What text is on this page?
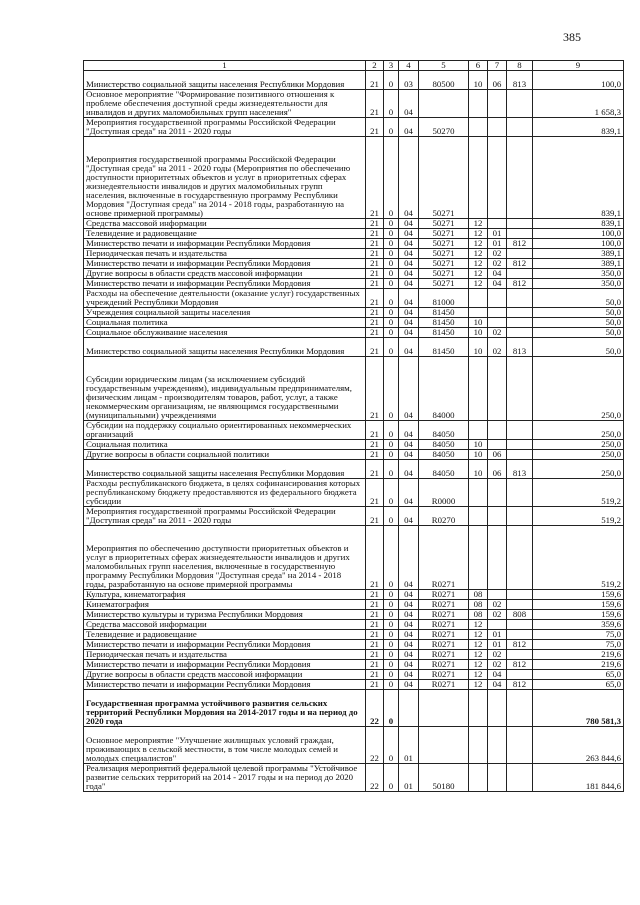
385
1	2	3	4	5	6	7	8	9
Министерство социальной защиты населения Республики Мордовия	21	0	03	80500	10	06	813	100,0
Основное мероприятие "Формирование позитивного отношения к проблеме обеспечения доступной среды жизнедеятельности для инвалидов и других маломобильных групп населения"	21	0	04					1 658,3
Мероприятия государственной программы Российской Федерации "Доступная среда" на 2011 - 2020 годы	21	0	04	50270				839,1
Мероприятия государственной программы Российской Федерации "Доступная среда" на 2011 - 2020 годы (Мероприятия по обеспечению доступности приоритетных объектов и услуг в приоритетных сферах жизнедеятельности инвалидов и других маломобильных групп населения, включенные в государственную программу Республики Мордовия "Доступная среда" на 2014 - 2018 годы, разработанную на основе примерной программы)	21	0	04	50271				839,1
Средства массовой информации	21	0	04	50271	12			839,1
Телевидение и радиовещание	21	0	04	50271	12	01		100,0
Министерство печати и информации Республики Мордовия	21	0	04	50271	12	01	812	100,0
Периодическая печать и издательства	21	0	04	50271	12	02		389,1
Министерство печати и информации Республики Мордовия	21	0	04	50271	12	02	812	389,1
Другие вопросы в области средств массовой информации	21	0	04	50271	12	04		350,0
Министерство печати и информации Республики Мордовия	21	0	04	50271	12	04	812	350,0
Расходы на обеспечение деятельности (оказание услуг) государственных учреждений Республики Мордовия	21	0	04	81000				50,0
Учреждения социальной защиты населения	21	0	04	81450				50,0
Социальная политика	21	0	04	81450	10			50,0
Социальное обслуживание населения	21	0	04	81450	10	02		50,0
Министерство социальной защиты населения Республики Мордовия	21	0	04	81450	10	02	813	50,0
Субсидии юридическим лицам (за исключением субсидий государственным учреждениям), индивидуальным предпринимателям, физическим лицам - производителям товаров, работ, услуг, а также некоммерческим организациям, не являющимся государственными (муниципальными) учреждениями	21	0	04	84000				250,0
Субсидии на поддержку социально ориентированных некоммерческих организаций	21	0	04	84050				250,0
Социальная политика	21	0	04	84050	10			250,0
Другие вопросы в области социальной политики	21	0	04	84050	10	06		250,0
Министерство социальной защиты населения Республики Мордовия	21	0	04	84050	10	06	813	250,0
Расходы республиканского бюджета, в целях софинансирования которых республиканскому бюджету предоставляются из федерального бюджета субсидии	21	0	04	R0000				519,2
Мероприятия государственной программы Российской Федерации "Доступная среда" на 2011 - 2020 годы	21	0	04	R0270				519,2
Мероприятия по обеспечению доступности приоритетных объектов и услуг в приоритетных сферах жизнедеятельности инвалидов и других маломобильных групп населения, включенные в государственную программу Республики Мордовия "Доступная среда" на 2014 - 2018 годы, разработанную на основе примерной программы	21	0	04	R0271				519,2
Культура, кинематография	21	0	04	R0271	08			159,6
Кинематография	21	0	04	R0271	08	02		159,6
Министерство культуры и туризма Республики Мордовия	21	0	04	R0271	08	02	808	159,6
Средства массовой информации	21	0	04	R0271	12			359,6
Телевидение и радиовещание	21	0	04	R0271	12	01		75,0
Министерство печати и информации Республики Мордовия	21	0	04	R0271	12	01	812	75,0
Периодическая печать и издательства	21	0	04	R0271	12	02		219,6
Министерство печати и информации Республики Мордовия	21	0	04	R0271	12	02	812	219,6
Другие вопросы в области средств массовой информации	21	0	04	R0271	12	04		65,0
Министерство печати и информации Республики Мордовия	21	0	04	R0271	12	04	812	65,0
Государственная программа устойчивого развития сельских территорий Республики Мордовия на 2014-2017 годы и на период до 2020 года	22	0						780 581,3
Основное мероприятие "Улучшение жилищных условий граждан, проживающих в сельской местности, в том числе молодых семей и молодых специалистов"	22	0	01					263 844,6
Реализация мероприятий федеральной целевой программы "Устойчивое развитие сельских территорий на 2014 - 2017 годы и на период до 2020 года"	22	0	01	50180				181 844,6
